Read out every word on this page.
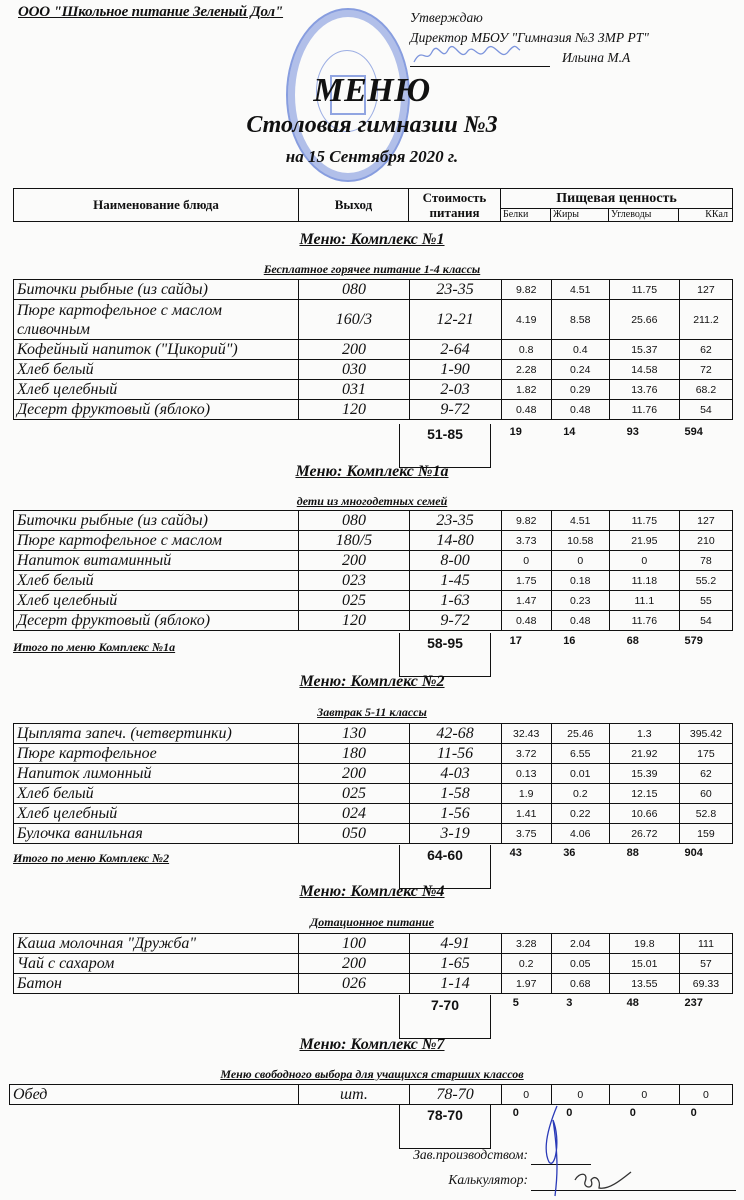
ООО "Школьное питание Зеленый Дол"	Утверждаю
Директор МБОУ "Гимназия №3 ЗМР РТ"
Ильина М.А
МЕНЮ
Столовая гимназии №3
на 15 Сентября 2020 г.
Наименование блюда	Выход	Стоимость
питания
Пищевая ценность
Белки	Жиры	Углеводы	ККал
Меню: Комплекс №1
Бесплатное горячее питание 1-4 классы
Биточки рыбные (из сайды)	080	23-35	9.82	4.51	11.75	127
Пюре картофельное с маслом сливочным	160/3	12-21	4.19	8.58	25.66	211.2
Кофейный напиток ("Цикорий")	200	2-64	0.8	0.4	15.37	62
Хлеб белый	030	1-90	2.28	0.24	14.58	72
Хлеб целебный	031	2-03	1.82	0.29	13.76	68.2
Десерт фруктовый (яблоко)	120	9-72	0.48	0.48	11.76	54
51-85	19	14	93	594
Меню: Комплекс №1а
дети из многодетных семей
Биточки рыбные (из сайды)	080	23-35	9.82	4.51	11.75	127
Пюре картофельное с маслом	180/5	14-80	3.73	10.58	21.95	210
Напиток витаминный	200	8-00	0	0	0	78
Хлеб белый	023	1-45	1.75	0.18	11.18	55.2
Хлеб целебный	025	1-63	1.47	0.23	11.1	55
Десерт фруктовый (яблоко)	120	9-72	0.48	0.48	11.76	54
Итого по меню Комплекс №1а	58-95	17	16	68	579
Меню: Комплекс №2
Завтрак 5-11 классы
Цыплята запеч. (четвертинки)	130	42-68	32.43	25.46	1.3	395.42
Пюре картофельное	180	11-56	3.72	6.55	21.92	175
Напиток лимонный	200	4-03	0.13	0.01	15.39	62
Хлеб белый	025	1-58	1.9	0.2	12.15	60
Хлеб целебный	024	1-56	1.41	0.22	10.66	52.8
Булочка ванильная	050	3-19	3.75	4.06	26.72	159
Итого по меню Комплекс №2	64-60	43	36	88	904
Меню: Комплекс №4
Дотационное питание
Каша молочная "Дружба"	100	4-91	3.28	2.04	19.8	111
Чай с сахаром	200	1-65	0.2	0.05	15.01	57
Батон	026	1-14	1.97	0.68	13.55	69.33
7-70	5	3	48	237
Меню: Комплекс №7
Меню свободного выбора для учащихся старших классов
Обед	шт.	78-70	0	0	0	0
78-70	0	0	0	0
Зав.производством:
Калькулятор:
